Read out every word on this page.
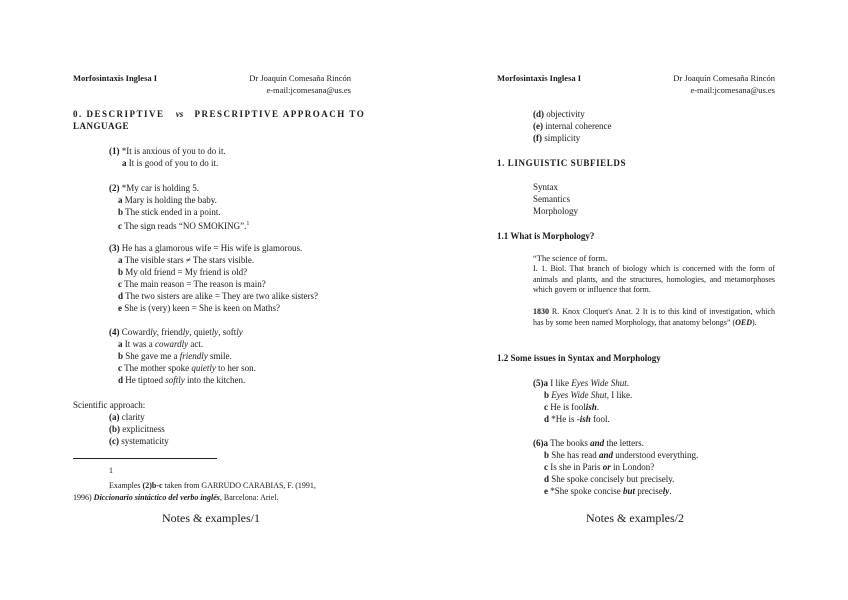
Morfosintaxis Inglesa I	Dr Joaquín Comesaña Rincón
e-mail:jcomesana@us.es
0. DESCRIPTIVE vs PRESCRIPTIVE APPROACH TO
LANGUAGE
(1) *It is anxious of you to do it.
a It is good of you to do it.
(2) *My car is holding 5.
a Mary is holding the baby.
b The stick ended in a point.
c The sign reads “NO SMOKING”.$^1$
(3) He has a glamorous wife = His wife is glamorous.
a The visible stars ≠ The stars visible.
b My old friend = My friend is old?
c The main reason = The reason is main?
d The two sisters are alike = They are two alike sisters?
e She is (very) keen = She is keen on Maths?
(4) Cowardly, friendly, quietly, softly
a It was a cowardly act.
b She gave me a friendly smile.
c The mother spoke quietly to her son.
d He tiptoed softly into the kitchen.
Scientific approach:
(a) clarity
(b) explicitness
(c) systematicity
1
Examples (2)b-c taken from GARRUDO CARABIAS, F. (1991,
1996) Diccionario sintáctico del verbo inglés, Barcelona: Ariel.
Notes & examples/1
Morfosintaxis Inglesa I	Dr Joaquín Comesaña Rincón
e-mail:jcomesana@us.es
(d) objectivity
(e) internal coherence
(f) simplicity
1. LINGUISTIC SUBFIELDS
Syntax
Semantics
Morphology
1.1 What is Morphology?
“The science of form.
I. 1. Biol. That branch of biology which is concerned with the form of animals and plants, and the structures, homologies, and metamorphoses which govern or influence that form.
1830 R. Knox Cloquet's Anat. 2 It is to this kind of investigation, which has by some been named Morphology, that anatomy belongs” (OED).
1.2 Some issues in Syntax and Morphology
(5)a I like Eyes Wide Shut.
b Eyes Wide Shut, I like.
c He is foolish.
d *He is -ish fool.
(6)a The books and the letters.
b She has read and understood everything.
c Is she in Paris or in London?
d She spoke concisely but precisely.
e *She spoke concise but precisely.
Notes & examples/2
